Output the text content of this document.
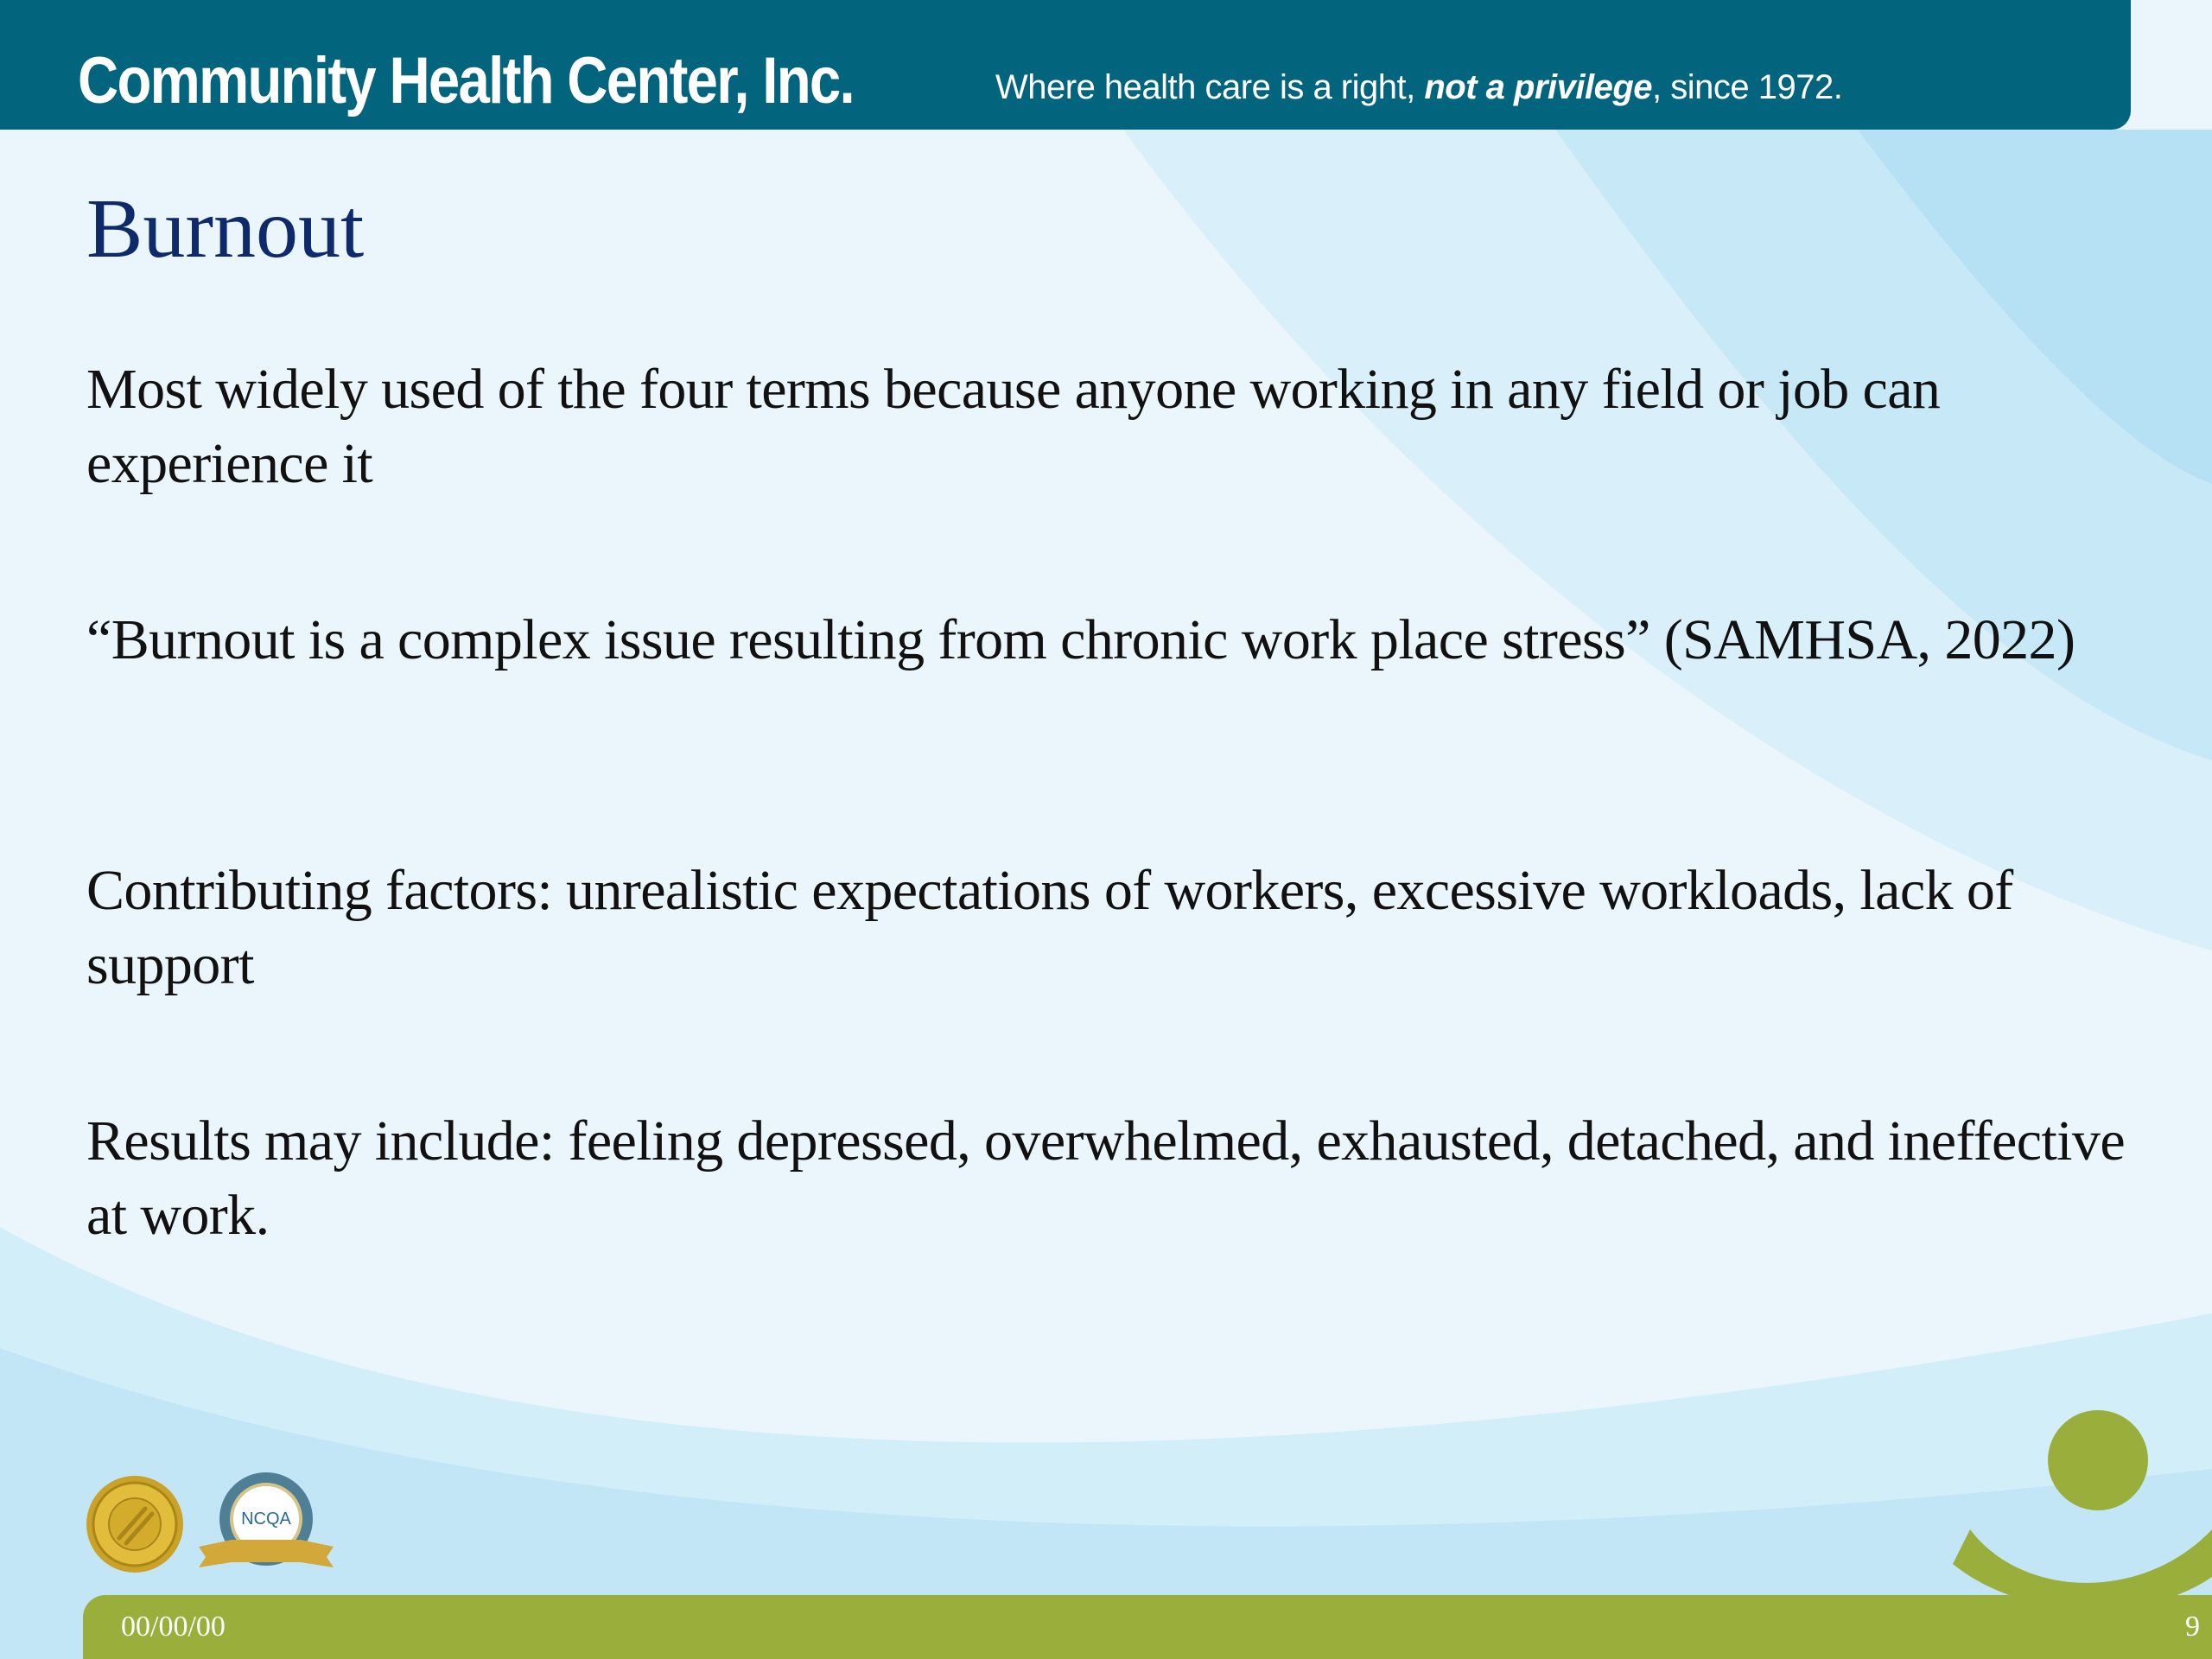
Community Health Center, Inc.	Where health care is a right, not a privilege, since 1972.
Burnout

Most widely used of the four terms because anyone working in any field or job can experience it

“Burnout is a complex issue resulting from chronic work place stress” (SAMHSA, 2022)

Contributing factors: unrealistic expectations of workers, excessive workloads, lack of support

Results may include: feeling depressed, overwhelmed, exhausted, detached, and ineffective at work.

NCQA
00/00/00	9
